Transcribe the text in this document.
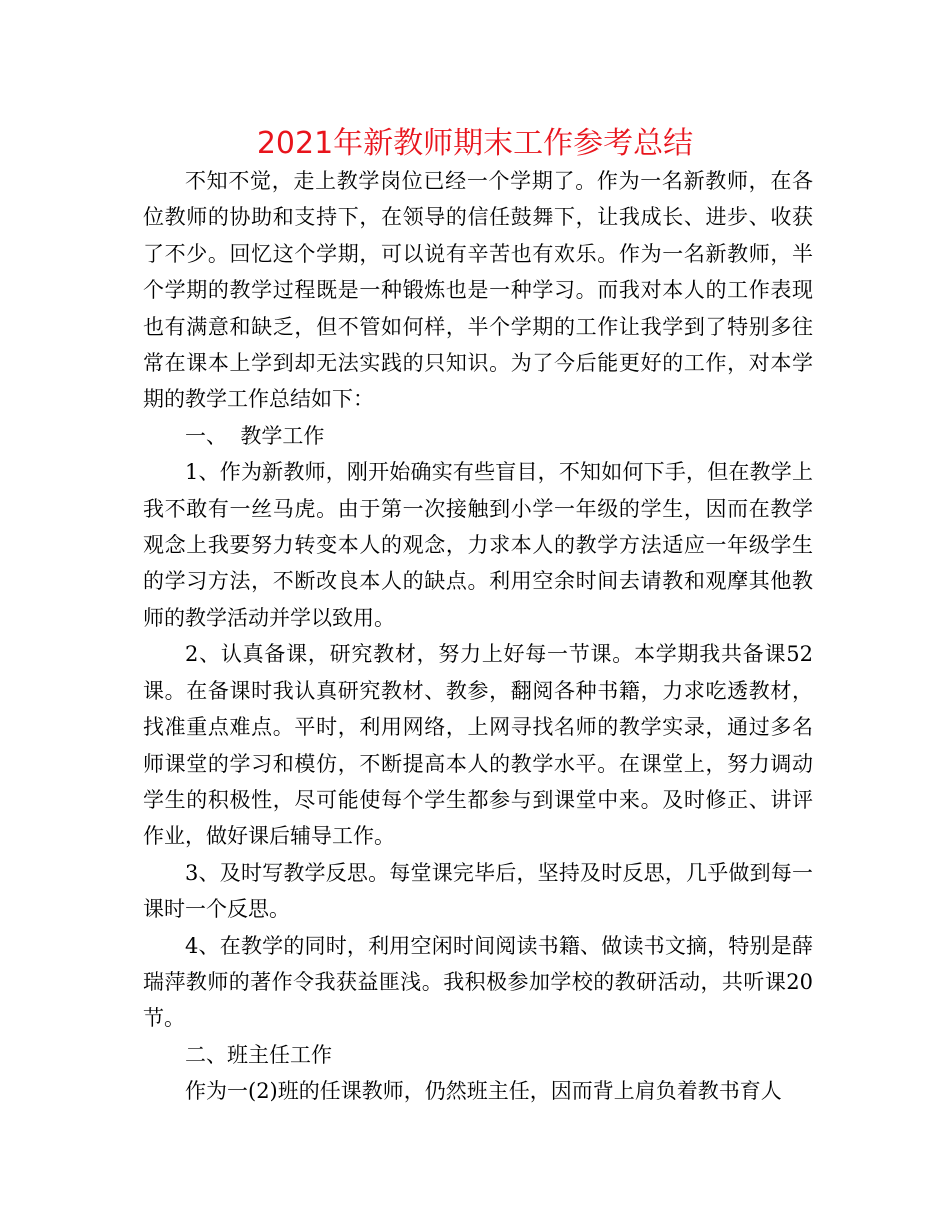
2021年新教师期末工作参考总结

不知不觉，走上教学岗位已经一个学期了。作为一名新教师，在各位教师的协助和支持下，在领导的信任鼓舞下，让我成长、进步、收获了不少。回忆这个学期，可以说有辛苦也有欢乐。作为一名新教师，半个学期的教学过程既是一种锻炼也是一种学习。而我对本人的工作表现也有满意和缺乏，但不管如何样，半个学期的工作让我学到了特别多往常在课本上学到却无法实践的只知识。为了今后能更好的工作，对本学期的教学工作总结如下：

一、  教学工作

1、作为新教师，刚开始确实有些盲目，不知如何下手，但在教学上我不敢有一丝马虎。由于第一次接触到小学一年级的学生，因而在教学观念上我要努力转变本人的观念，力求本人的教学方法适应一年级学生的学习方法，不断改良本人的缺点。利用空余时间去请教和观摩其他教师的教学活动并学以致用。

2、认真备课，研究教材，努力上好每一节课。本学期我共备课52课。在备课时我认真研究教材、教参，翻阅各种书籍，力求吃透教材，找准重点难点。平时，利用网络，上网寻找名师的教学实录，通过多名师课堂的学习和模仿，不断提高本人的教学水平。在课堂上，努力调动学生的积极性，尽可能使每个学生都参与到课堂中来。及时修正、讲评作业，做好课后辅导工作。

3、及时写教学反思。每堂课完毕后，坚持及时反思，几乎做到每一课时一个反思。

4、在教学的同时，利用空闲时间阅读书籍、做读书文摘，特别是薛瑞萍教师的著作令我获益匪浅。我积极参加学校的教研活动，共听课20节。

二、班主任工作

作为一(2)班的任课教师，仍然班主任，因而背上肩负着教书育人
